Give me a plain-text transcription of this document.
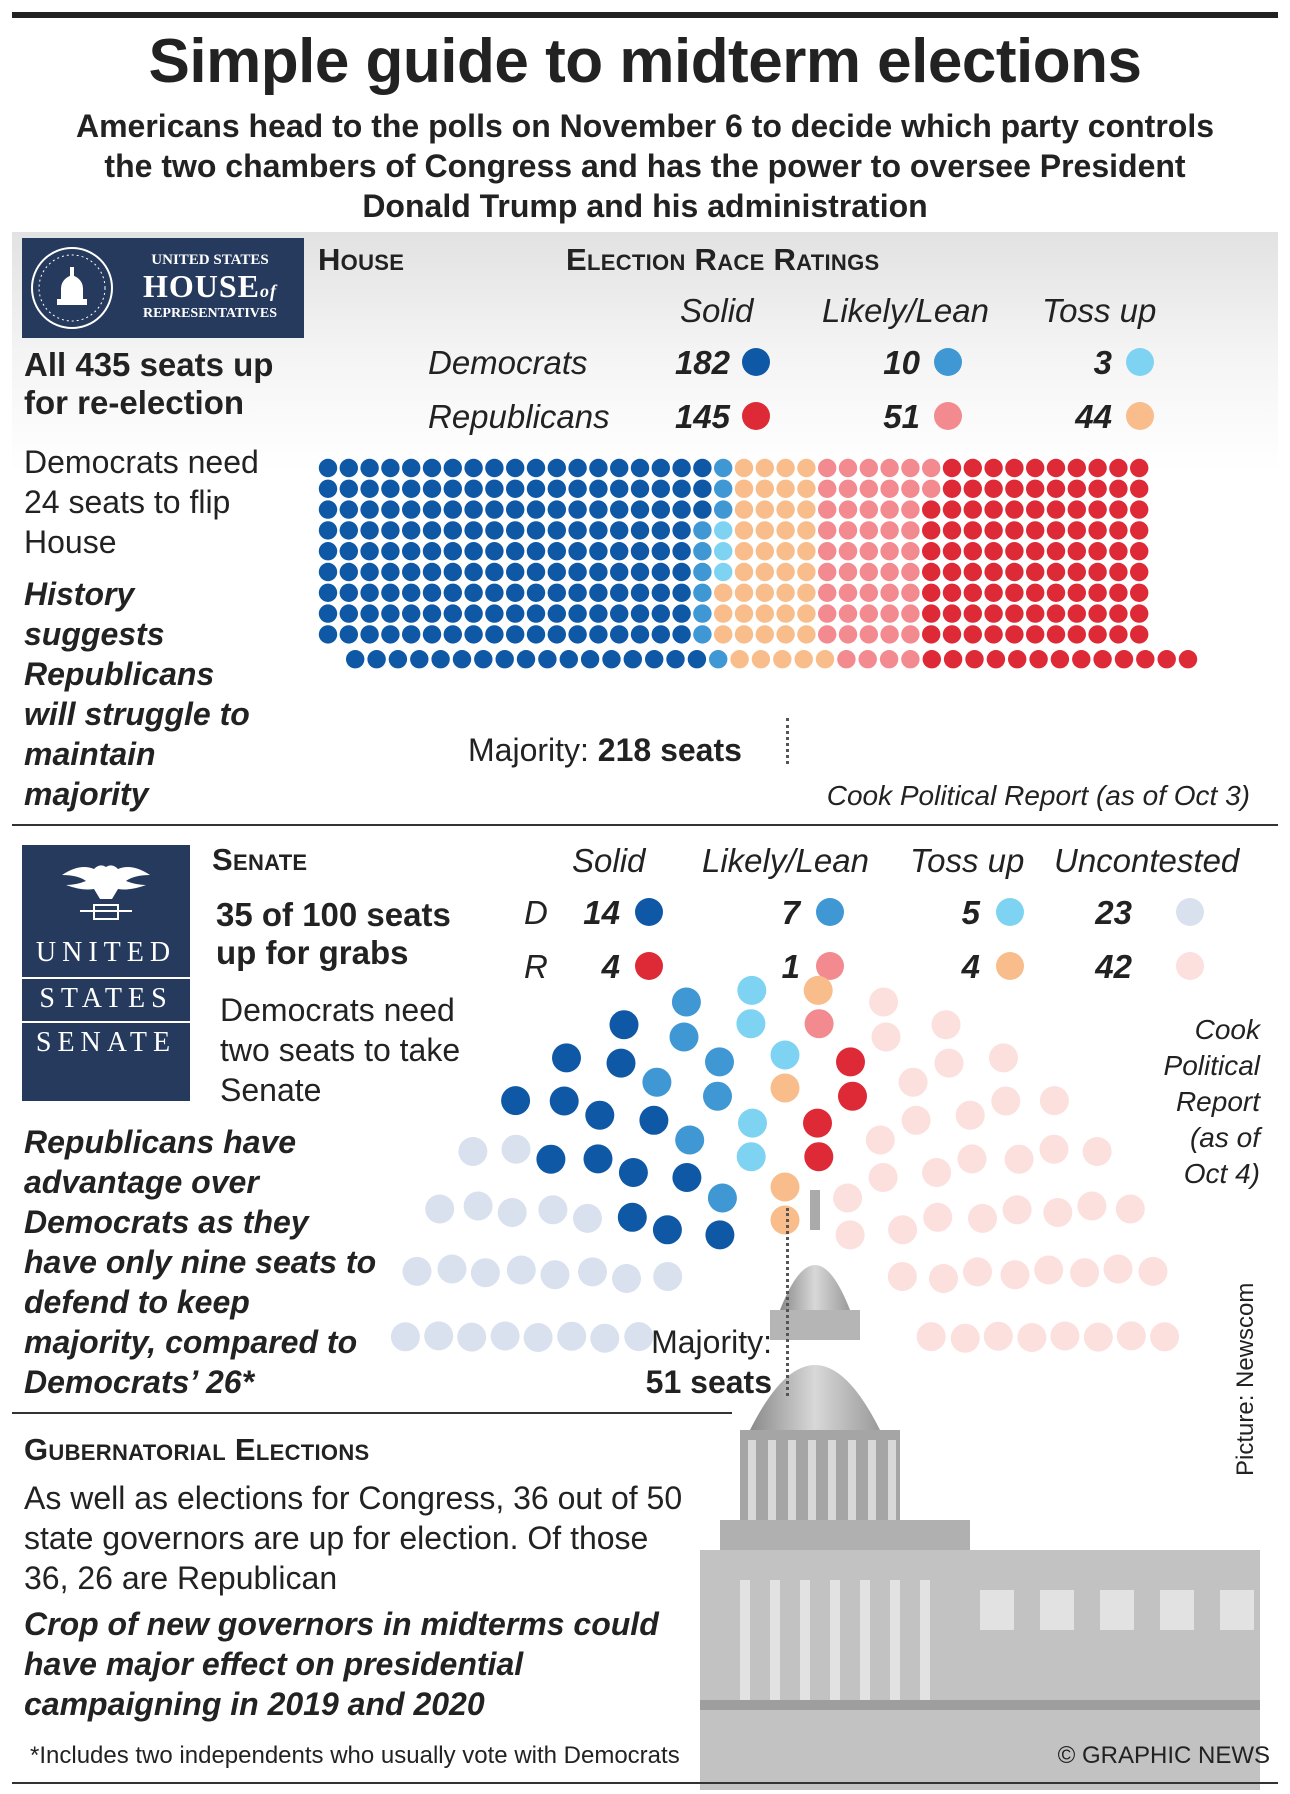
Simple guide to midterm elections
Americans head to the polls on November 6 to decide which party controls the two chambers of Congress and has the power to oversee President Donald Trump and his administration
UNITED STATES
HOUSEof
REPRESENTATIVES
House	Election Race Ratings
All 435 seats up for re-election
Democrats need 24 seats to flip House
History suggests Republicans will struggle to maintain majority
Solid Likely/Lean Toss up
Democrats	182	10	3
Republicans	145	51	44
Majority: 218 seats
Cook Political Report (as of Oct 3)
UNITED
STATES
SENATE
Senate
35 of 100 seats up for grabs
Democrats need two seats to take Senate
Republicans have advantage over Democrats as they have only nine seats to defend to keep majority, compared to Democrats’ 26*
Solid Likely/Lean Toss up Uncontested
D	14	7	5	23
R	4	1	4	42
Cook
Political
Report
(as of
Oct 4)
Majority:
51 seats
Gubernatorial Elections
As well as elections for Congress, 36 out of 50 state governors are up for election. Of those 36, 26 are Republican
Crop of new governors in midterms could have major effect on presidential campaigning in 2019 and 2020
Picture: Newscom
*Includes two independents who usually vote with Democrats	© GRAPHIC NEWS
